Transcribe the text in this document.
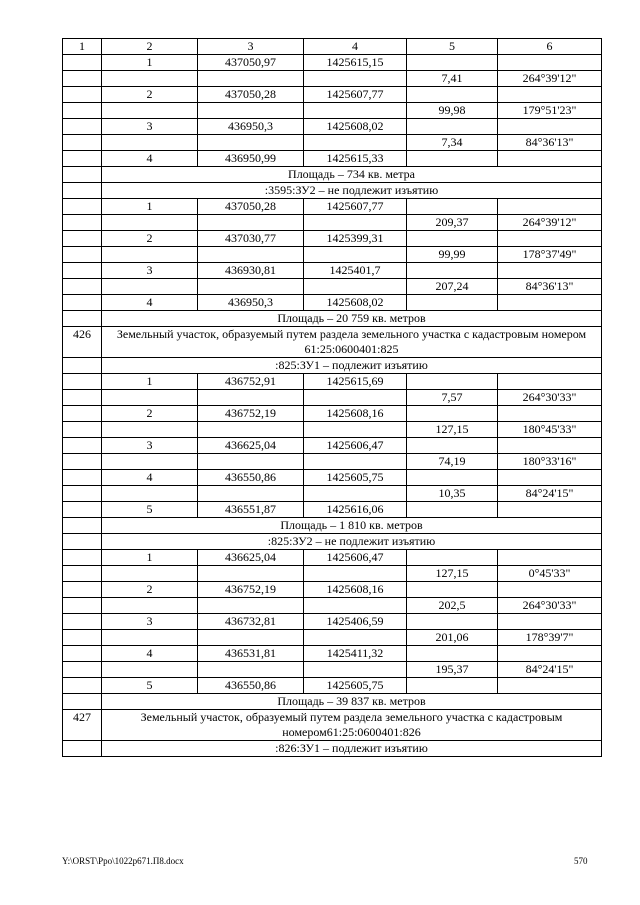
1	2	3	4	5	6
	1	437050,97	1425615,15		
				7,41	264°39'12"
	2	437050,28	1425607,77		
				99,98	179°51'23"
	3	436950,3	1425608,02		
				7,34	84°36'13"
	4	436950,99	1425615,33		
	Площадь – 734 кв. метра				
	:3595:ЗУ2 – не подлежит изъятию				
	1	437050,28	1425607,77		
				209,37	264°39'12"
	2	437030,77	1425399,31		
				99,99	178°37'49"
	3	436930,81	1425401,7		
				207,24	84°36'13"
	4	436950,3	1425608,02		
	Площадь – 20 759 кв. метров				
426	Земельный участок, образуемый путем раздела земельного участка с кадастровым номером 61:25:0600401:825				
	:825:ЗУ1 – подлежит изъятию				
	1	436752,91	1425615,69		
				7,57	264°30'33"
	2	436752,19	1425608,16		
				127,15	180°45'33"
	3	436625,04	1425606,47		
				74,19	180°33'16"
	4	436550,86	1425605,75		
				10,35	84°24'15"
	5	436551,87	1425616,06		
	Площадь – 1 810 кв. метров				
	:825:ЗУ2 – не подлежит изъятию				
	1	436625,04	1425606,47		
				127,15	0°45'33"
	2	436752,19	1425608,16		
				202,5	264°30'33"
	3	436732,81	1425406,59		
				201,06	178°39'7"
	4	436531,81	1425411,32		
				195,37	84°24'15"
	5	436550,86	1425605,75		
	Площадь – 39 837 кв. метров				
427	Земельный участок, образуемый путем раздела земельного участка с кадастровым номером61:25:0600401:826				
	:826:ЗУ1 – подлежит изъятию				
Y:\ORST\Ppo\1022p671.П8.docx	570
